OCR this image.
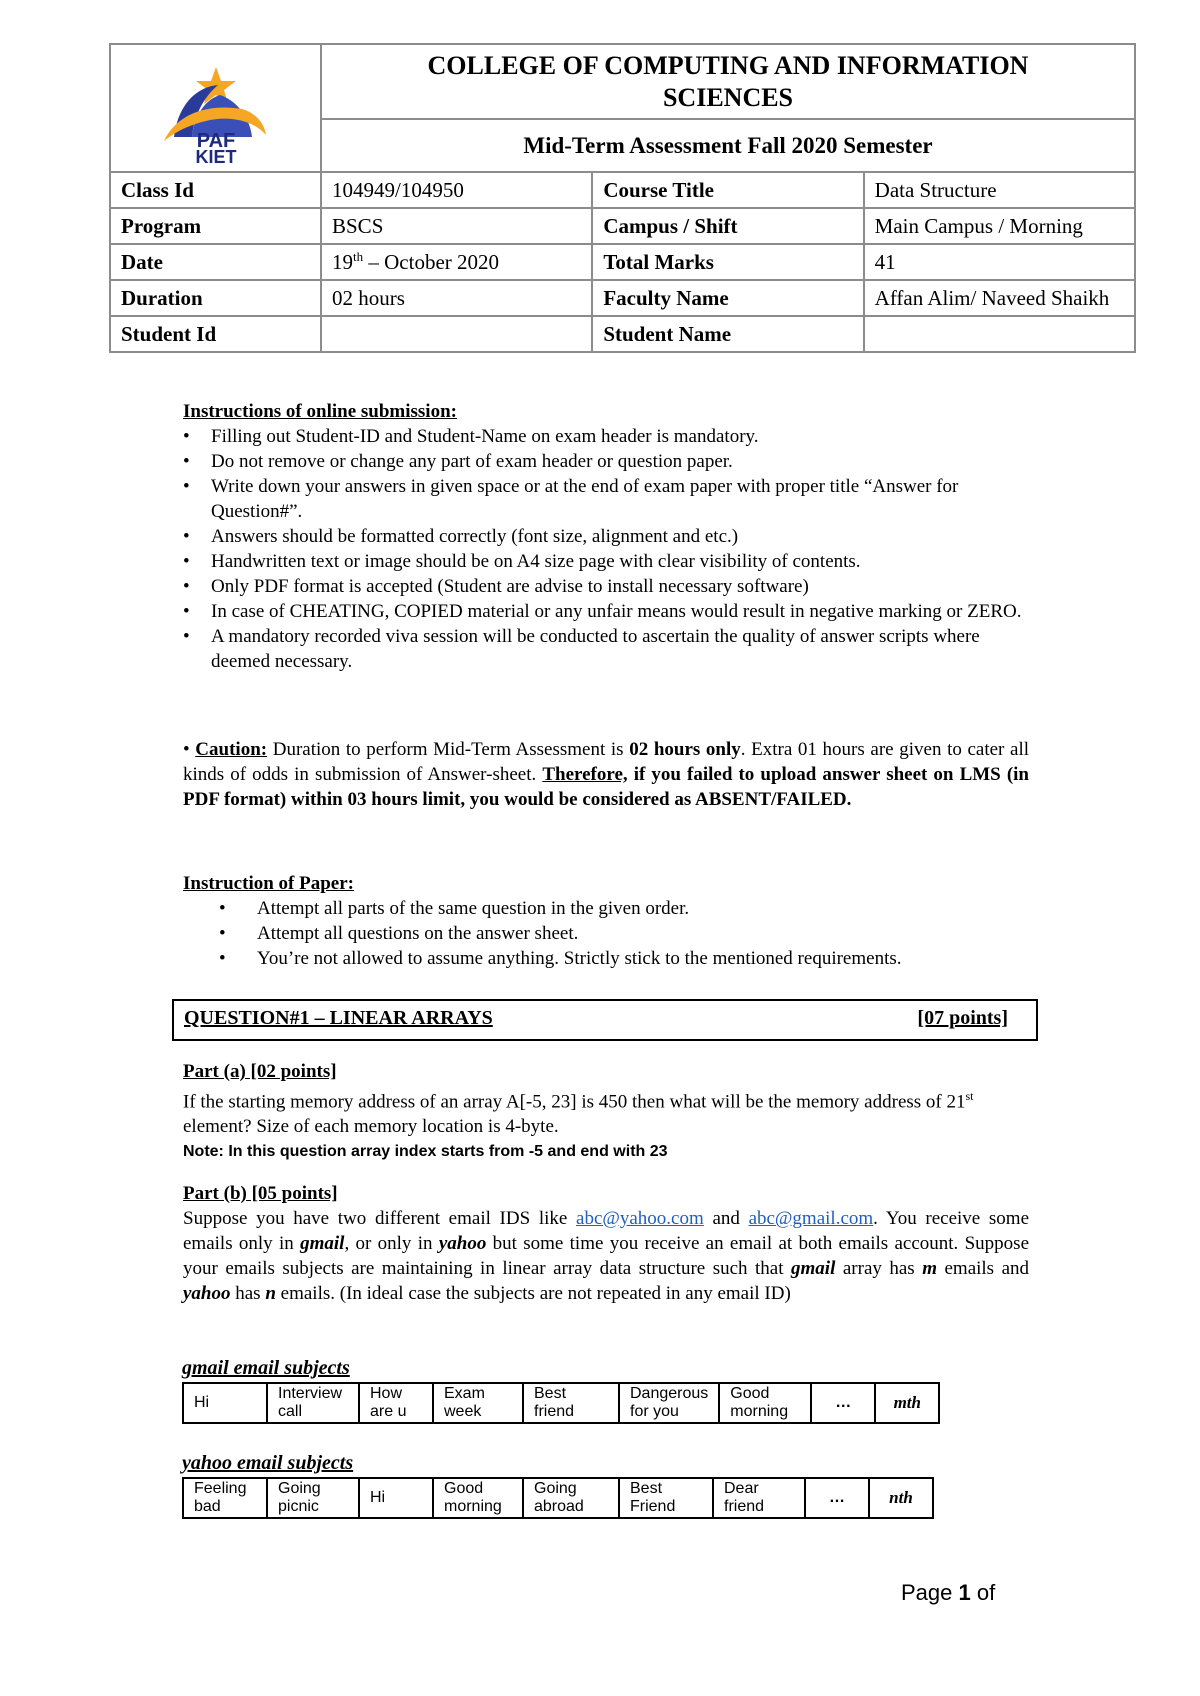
PAF
KIET	COLLEGE OF COMPUTING AND INFORMATION
SCIENCES		
	Mid-Term Assessment Fall 2020 Semester		
Class Id	104949/104950	Course Title	Data Structure
Program	BSCS	Campus / Shift	Main Campus / Morning
Date	19th – October 2020	Total Marks	41
Duration	02 hours	Faculty Name	Affan Alim/ Naveed Shaikh
Student Id		Student Name	
Instructions of online submission:
• Filling out Student-ID and Student-Name on exam header is mandatory.
• Do not remove or change any part of exam header or question paper.
• Write down your answers in given space or at the end of exam paper with proper title “Answer for Question#”.
• Answers should be formatted correctly (font size, alignment and etc.)
• Handwritten text or image should be on A4 size page with clear visibility of contents.
• Only PDF format is accepted (Student are advise to install necessary software)
• In case of CHEATING, COPIED material or any unfair means would result in negative marking or ZERO.
• A mandatory recorded viva session will be conducted to ascertain the quality of answer scripts where deemed necessary.
• Caution: Duration to perform Mid-Term Assessment is 02 hours only. Extra 01 hours are given to cater all kinds of odds in submission of Answer-sheet. Therefore, if you failed to upload answer sheet on LMS (in PDF format) within 03 hours limit, you would be considered as ABSENT/FAILED.
Instruction of Paper:
• Attempt all parts of the same question in the given order.
• Attempt all questions on the answer sheet.
• You’re not allowed to assume anything. Strictly stick to the mentioned requirements.
QUESTION#1 – LINEAR ARRAYS	[07 points]
Part (a) [02 points]
If the starting memory address of an array A[-5, 23] is 450 then what will be the memory address of 21st element? Size of each memory location is 4-byte.
Note: In this question array index starts from -5 and end with 23
Part (b) [05 points]
Suppose you have two different email IDS like abc@yahoo.com and abc@gmail.com. You receive some emails only in gmail, or only in yahoo but some time you receive an email at both emails account. Suppose your emails subjects are maintaining in linear array data structure such that gmail array has m emails and yahoo has n emails. (In ideal case the subjects are not repeated in any email ID)
gmail email subjects
Hi	Interview call	How are u	Exam week	Best friend	Dangerous for you	Good morning	…	mth
yahoo email subjects
Feeling bad	Going picnic	Hi	Good morning	Going abroad	Best Friend	Dear friend	…	nth
Page 1 of
